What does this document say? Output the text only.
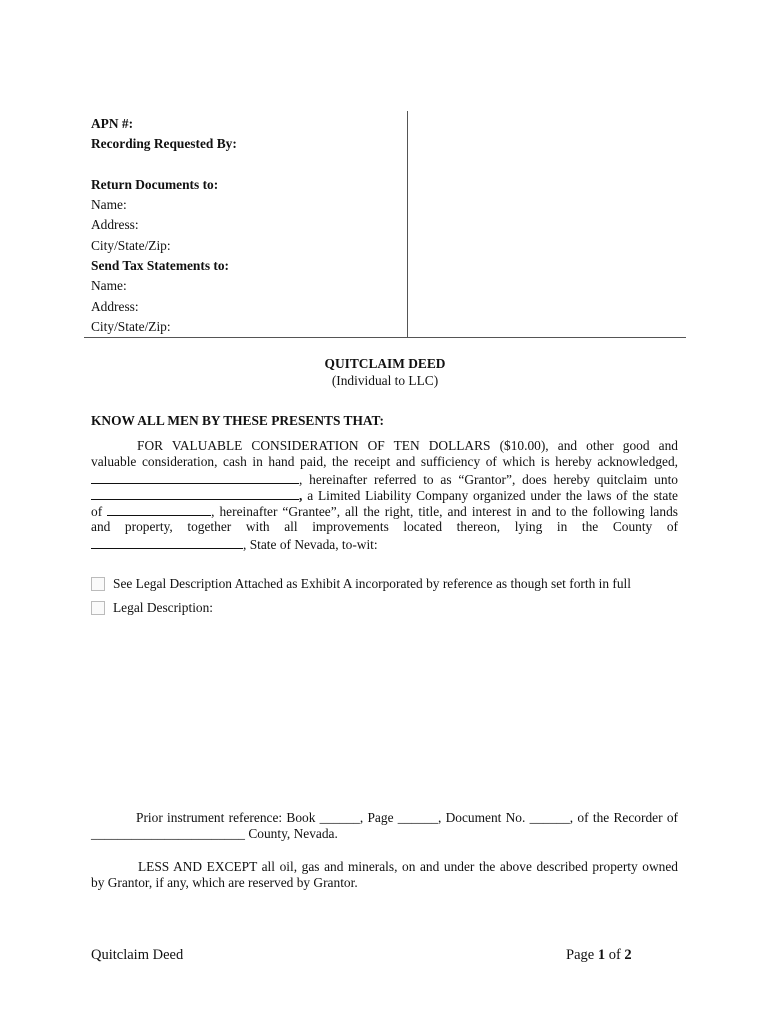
APN #:
Recording Requested By:
Return Documents to:
Name:
Address:
City/State/Zip:
Send Tax Statements to:
Name:
Address:
City/State/Zip:
QUITCLAIM DEED
(Individual to LLC)
KNOW ALL MEN BY THESE PRESENTS THAT:
FOR VALUABLE CONSIDERATION OF TEN DOLLARS ($10.00), and other good and
valuable consideration, cash in hand paid, the receipt and sufficiency of which is hereby acknowledged,
, hereinafter referred to as “Grantor”, does hereby quitclaim unto
, a Limited Liability Company organized under the laws of the state
of	, hereinafter “Grantee”, all the right, title, and interest in and to the following lands
and property, together with all improvements located thereon, lying in the County of
, State of Nevada, to-wit:
See Legal Description Attached as Exhibit A incorporated by reference as though set forth in full
Legal Description:
Prior instrument reference: Book ______, Page ______, Document No. ______, of the Recorder of
_______________________ County, Nevada.
LESS AND EXCEPT all oil, gas and minerals, on and under the above described property owned
by Grantor, if any, which are reserved by Grantor.
Quitclaim Deed	Page 1 of 2
